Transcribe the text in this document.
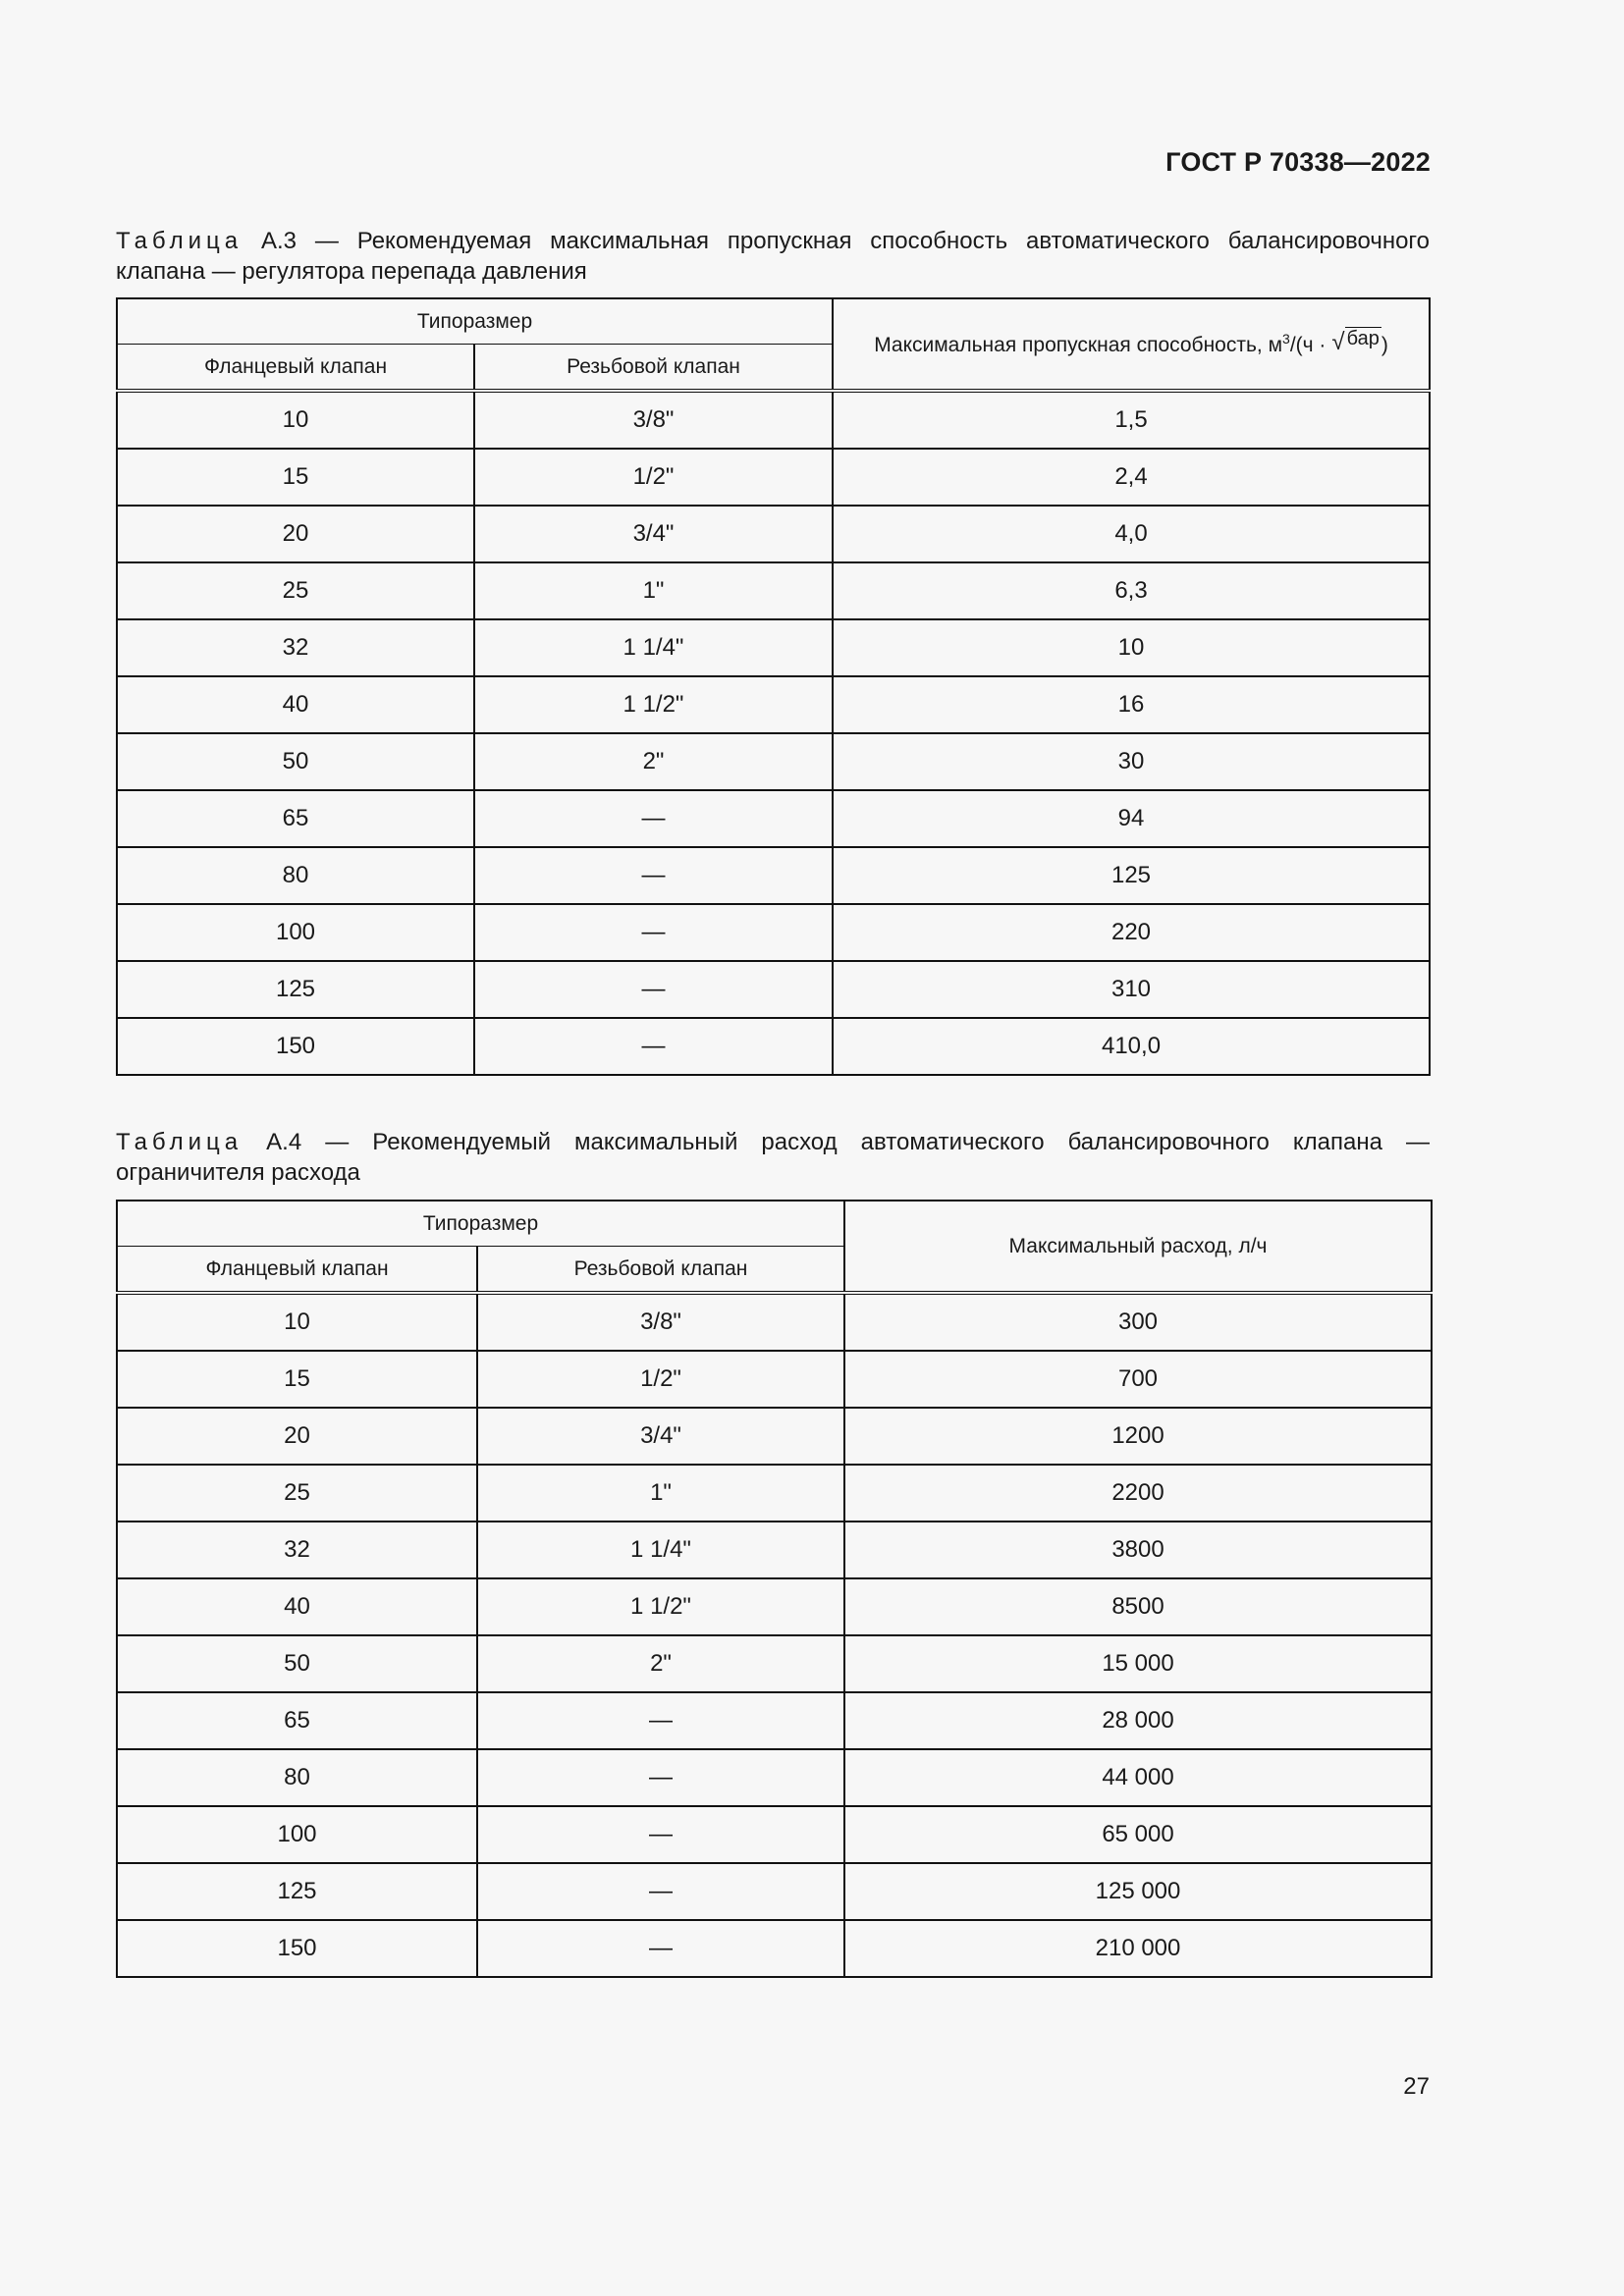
ГОСТ Р 70338—2022
Таблица А.3 — Рекомендуемая максимальная пропускная способность автоматического балансировочного клапана — регулятора перепада давления
Типоразмер		Максимальная пропускная способность, $м^3/(ч$ · √ бар)
Фланцевый клапан	Резьбовой клапан	
10	3/8"	1,5
15	1/2"	2,4
20	3/4"	4,0
25	1"	6,3
32	1 1/4"	10
40	1 1/2"	16
50	2"	30
65	—	94
80	—	125
100	—	220
125	—	310
150	—	410,0
Таблица А.4 — Рекомендуемый максимальный расход автоматического балансировочного клапана — ограничителя расхода
Типоразмер		Максимальный расход, л/ч
Фланцевый клапан	Резьбовой клапан	
10	3/8"	300
15	1/2"	700
20	3/4"	1200
25	1"	2200
32	1 1/4"	3800
40	1 1/2"	8500
50	2"	15 000
65	—	28 000
80	—	44 000
100	—	65 000
125	—	125 000
150	—	210 000
27
